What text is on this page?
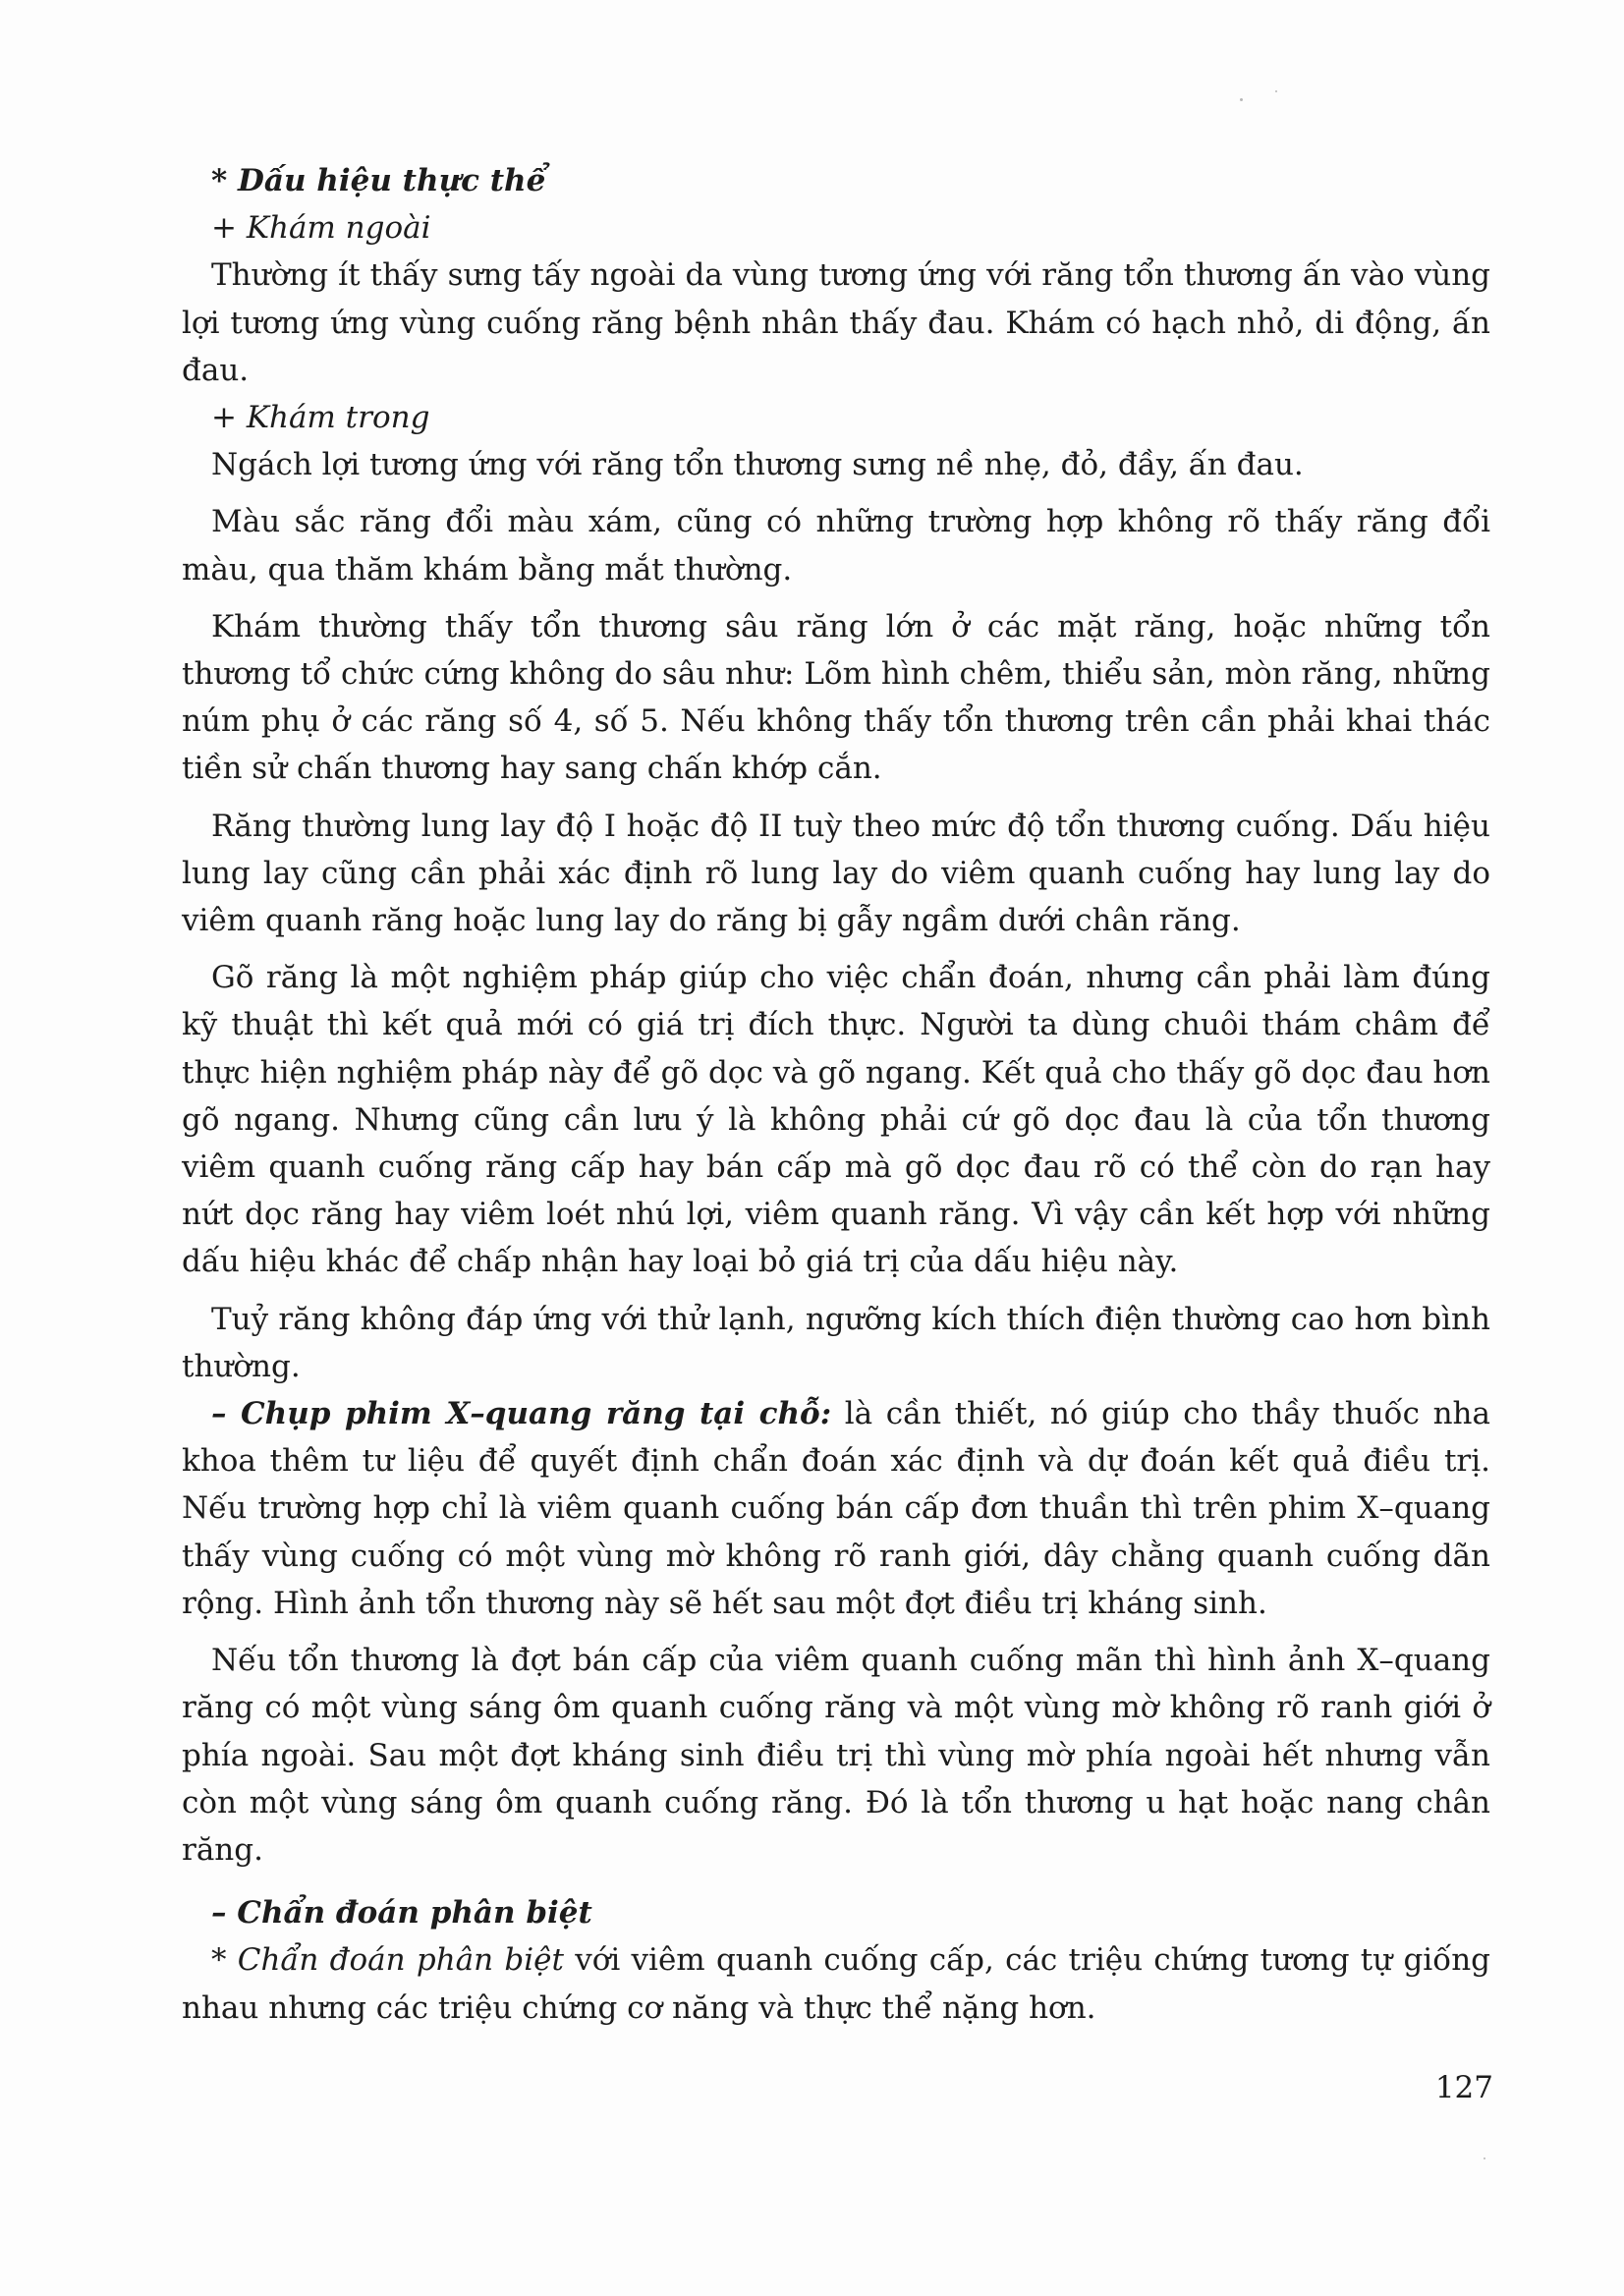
* Dấu hiệu thực thể

+ Khám ngoài

Thường ít thấy sưng tấy ngoài da vùng tương ứng với răng tổn thương ấn vào vùng lợi tương ứng vùng cuống răng bệnh nhân thấy đau. Khám có hạch nhỏ, di động, ấn đau.

+ Khám trong

Ngách lợi tương ứng với răng tổn thương sưng nề nhẹ, đỏ, đầy, ấn đau.

Màu sắc răng đổi màu xám, cũng có những trường hợp không rõ thấy răng đổi màu, qua thăm khám bằng mắt thường.

Khám thường thấy tổn thương sâu răng lớn ở các mặt răng, hoặc những tổn thương tổ chức cứng không do sâu như: Lõm hình chêm, thiểu sản, mòn răng, những núm phụ ở các răng số 4, số 5. Nếu không thấy tổn thương trên cần phải khai thác tiền sử chấn thương hay sang chấn khớp cắn.

Răng thường lung lay độ I hoặc độ II tuỳ theo mức độ tổn thương cuống. Dấu hiệu lung lay cũng cần phải xác định rõ lung lay do viêm quanh cuống hay lung lay do viêm quanh răng hoặc lung lay do răng bị gẫy ngầm dưới chân răng.

Gõ răng là một nghiệm pháp giúp cho việc chẩn đoán, nhưng cần phải làm đúng kỹ thuật thì kết quả mới có giá trị đích thực. Người ta dùng chuôi thám châm để thực hiện nghiệm pháp này để gõ dọc và gõ ngang. Kết quả cho thấy gõ dọc đau hơn gõ ngang. Nhưng cũng cần lưu ý là không phải cứ gõ dọc đau là của tổn thương viêm quanh cuống răng cấp hay bán cấp mà gõ dọc đau rõ có thể còn do rạn hay nứt dọc răng hay viêm loét nhú lợi, viêm quanh răng. Vì vậy cần kết hợp với những dấu hiệu khác để chấp nhận hay loại bỏ giá trị của dấu hiệu này.

Tuỷ răng không đáp ứng với thử lạnh, ngưỡng kích thích điện thường cao hơn bình thường.

– Chụp phim X–quang răng tại chỗ: là cần thiết, nó giúp cho thầy thuốc nha khoa thêm tư liệu để quyết định chẩn đoán xác định và dự đoán kết quả điều trị. Nếu trường hợp chỉ là viêm quanh cuống bán cấp đơn thuần thì trên phim X–quang thấy vùng cuống có một vùng mờ không rõ ranh giới, dây chằng quanh cuống dãn rộng. Hình ảnh tổn thương này sẽ hết sau một đợt điều trị kháng sinh.

Nếu tổn thương là đợt bán cấp của viêm quanh cuống mãn thì hình ảnh X–quang răng có một vùng sáng ôm quanh cuống răng và một vùng mờ không rõ ranh giới ở phía ngoài. Sau một đợt kháng sinh điều trị thì vùng mờ phía ngoài hết nhưng vẫn còn một vùng sáng ôm quanh cuống răng. Đó là tổn thương u hạt hoặc nang chân răng.

– Chẩn đoán phân biệt

* Chẩn đoán phân biệt với viêm quanh cuống cấp, các triệu chứng tương tự giống nhau nhưng các triệu chứng cơ năng và thực thể nặng hơn.

127
